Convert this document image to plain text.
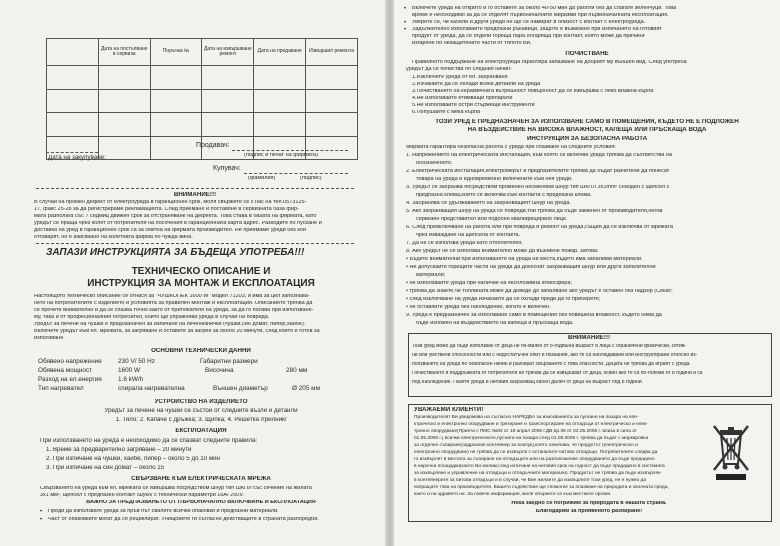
	Дата на постъпване в сервиза	Поръчка №	Дата на извършване ремонт	Дата на предаване	Извършил ремонта

Дата на закупуване:
Продавач:
(подпис и печат на фирмата)
Купувач:
(фамилия)	(подпис)
ВНИМАНИЕ!!!
В случай на промен дефект от електроуреда в гаранционен срок, моля свържете се с нас на тел.0573125-
17, факс 25-28 за да регистрираме рекламацията. След приемане и поставяне в сервизната база фир-
мата разполага със 7 седмиц движен срок за отстраняване на дефекта. Това става в базата на фирмата, като
уредът се праща чрез колет от потребителя на посочения в гаранционната карта адрес. Разходите по пускане и
доставка на уред в гаранционен срок са за сметка на фирмата производител. Не приемаме уреди без кои
отговарят, но е изисквано на колетната фирма по чужда вина.
ЗАПАЗИ ИНСТРУКЦИЯТА ЗА БЪДЕЩА УПОТРЕБА!!!
ТЕХНИЧЕСКО ОПИСАНИЕ И
ИНСТРУКЦИЯ ЗА МОНТАЖ И ЕКСПЛОАТАЦИЯ
Настоящото техническо описание се отнася за "ЧУШКОПЕК 1600 W" модел 71203, и има за цел запознава-
нето на потребителите с изделието и условията за правилен монтаж и експлоатация. Описанието трябва да
се прочете внимателно и да се спазва точно както от притежателя на уреда, за да го ползва при използване-
му, така и от професионалния потребител, който ще упражнява уреда в случай на повреда.
Уредът за печене на чушки е предназначен за изпичане на печенизнички (чушки,син домат, пипер,хайбе).
Включете уредът към ел. мрежата, за загряване и оставете за загрее за около 20 минути, след които е готов за
използване.
ОСНОВНИ ТЕХНИЧЕСКИ ДАННИ
Обявено напрежение	230 V/ 50 Hz	Габаритни размери
Обявена мощност	1600 W	Височина	280 мм
Разход на ел.енергия	1.6 kW/h
Тип нагревател	спирала нагревателна	Външен диаметър	Ø 205 мм
УСТРОЙСТВО НА ИЗДЕЛИЕТО
Уредът за печене на чушки се състои от следните възли и детайли
1. Тяло; 2. Капачe с дръжка; 3. Щипка; 4. Решетка /грилник/
ЕКСПЛОАТАЦИЯ
При използването на уреда е необходимо да се спазват следните правила:
1. Време за предварително загряване – 20 минути
2. При изпичане на чушки, хайбе, пипер – около 5 до 10 мин
3. При изпичане на син домат – около 15
СВЪРЗВАНЕ КЪМ ЕЛЕКТРИЧЕСКАТА МРЕЖА
Свързването на уреда към ел. мрежата се извършва посредством шнур тип ШКПЛ със сечение на жилата
3x1 мм², щепсел с предпазен контакт /шуко/ с технически параметри 16А/ 250V.
ВАЖНО ЗА ПРЕДПАЗВАНЕТО ОТ ПЪРВОНАЧАЛНО ВКЛЮЧВАНЕ И ЕКСПЛОАТАЦИЯ
• Преди да използвате уреда за пръв път свалете всички опаковки и предпазни материали.
• Част от опаковките могат да се рециклират. Унищожете ги съгласно действащите в страната разпоредби.
• Включете уреда на открито и го оставете за около 40-50 мин да работи без да слагате зеленчуци. Това
време е необходимо за да се отделят първоначалните миризми при първоначалната експлоатация.
• Уверете се, че кабели и други уреди не ще се намират в близост с контакт с електроуреда.
• Задължително използвайте предпазни ръкавици, защото е възможно при изпичането на готовият
продукт от уреда, да се отдели гореща пара обгаряща при контакт, която може да причини
изгаряне по незащитените части от тялото Ви.
ПОЧИСТВАНЕ
Правилното поддържане на електроуреда гарантира запазване на добрият му външен вид. След употреба
уредът да се почиства по следния начин:
1.Изключете уреда от ел. захранване
2.Изчакайте да се охлади всеки детайли на уреда
3.Почистването на керамичната вътрешност повърхност да се извършва с леко влажна кърпа
4.Не използвайте етимващи препарати
5.Не използвайте остри стържещи инструменти
6.Попушайте с мека кърпа
ТОЗИ УРЕД Е ПРЕДНАЗНАЧЕН ЗА ИЗПОЛЗВАНЕ САМО В ПОМЕЩЕНИЯ, КЪДЕТО НЕ Е ПОДЛОЖЕН
НА ВЪЗДЕЙСТВИЕ НА ВИСОКА ВЛАЖНОСТ, КАПЕЩА ИЛИ ПРЪСКАЩА ВОДА
ИНСТРУКЦИЯ ЗА БЕЗОПАСНА РАБОТА
Фирмата гарантира безопасна работа с уреда при спазване на следните условия:
1. Напрежението на електрическата инсталация, към която се включва уреда трябва да съответства на
обозначеното.
2. Електрическата инсталация,електромерът и предпазителите трябва да бъдат разчетени да понесат
товара на уреда и едновременно включените към нея уреди.
3. Уредът се захранва посредством променен несменяем шнур тип ШКПЛ 3х1mm² снабден с щепсел с
предпазна клема,който се включва към контакта с предпазна клема.
4. Забранява се удължаването на захранващият шнур на уреда.
5. Ако захранващия шнур на уреда се повреди,той трябва да бъде заменен от производителя,негов
сервизен представител или подобно квалифицирано лице.
6. След превключване на работа или при повреда и ремонт на уреда,същия да се изключва от мрежата
чрез изваждане на щепсела от контакта.
7. Да не се използва уреда като отоплителен.
8. Ако уредът не се използва внимателно може да възникне пожар, затова:
• Бъдете внимателни при използването на уреда на места,където има запалими материали.
• Не допускайте горещите части на уреда да докоснат захранващия шнур или други запалителни
материали;
• не използвайте уреда при наличие на експлозивна атмосфера;
• трябва да знаете,че топлината може да доведе до запалване ако уредът е оставен без надзор (Секат;
• след изключване на уреда изчакайте да се охлади преди да го приберете;
• не оставяйте уреда без наблюдение, когато е включен.
9. Уреда е предназначен за използване само в помещения без повишена влажност, където няма да
бъде изложен на въздействието на капеща и пръскаща вода.
ВНИМАНИЕ!!!
Този уред може да бъде използван от деца не по-малко от 8-годишна възраст и лица с ограничени физически, сетив-
ни или умствени способности или с недостатъчен опит и познания, ако те са наблюдавани или инструктирани относно из-
ползването на уреда по безопасен начин и разбират свързаните с това опасности. Децата не трябва да играят с уреда.
Почистването и поддръжката от потребителя не трябва да се извършват от деца, освен ако те са по-големи от 8 години и са
под наблюдение. Пазете уреда и неговия захранващ кабел далеч от деца на възраст под 8 години.
УВАЖАЕМИ КЛИЕНТИ!
Производителят Ви уведомява на съгласно НАРЕДБА за изискванията за пускане на пазара на еле-
ктрическо и електронно оборудване и третиране и транспортиране на отпадъци от електрическо и елек-
тронно оборудване(Приета с ПМС №82 от 19 април 2006 г.ДВ,бр.36 от 02.05.2006 г. влиза в сила от
01.05.2006 г.) всички електрическите,пуснати на пазара след 01.08.2006 г. трябва да бъдат с маркировка
за отделно събиране(задраскан контейнер за боклук),която означава, че продуктът (електрическо и
електронно оборудване) не трябва да се изхвърля с останалите битови отпадъци. Потребителите следва да
го изхвърлят в местата за събиране на отпадъците,или на разположение оборудването да бъде предадено
в нарочна площадки(които Ви молим,след изтичане на неговия срок на годност да бъде предадено в системата
за изхвърляне и управление на отпадъци и отпадъчните материали). Продуктът не трябва да бъде изхвърлян
в контейнерите за битови отпадъци и в случай, че Вие желаете да изхвърлите този уред, не е нужно да
изпращате това на произвoдителя. Вашето съдействие ще спомогне за опазване на природата и околната среда,
както и на здравето ни. За повече информация, моля обърнете се към местните органи.
Нека заедно се погрижим за природата в нашата страна.
Благодарим за проявеното разбиране!
